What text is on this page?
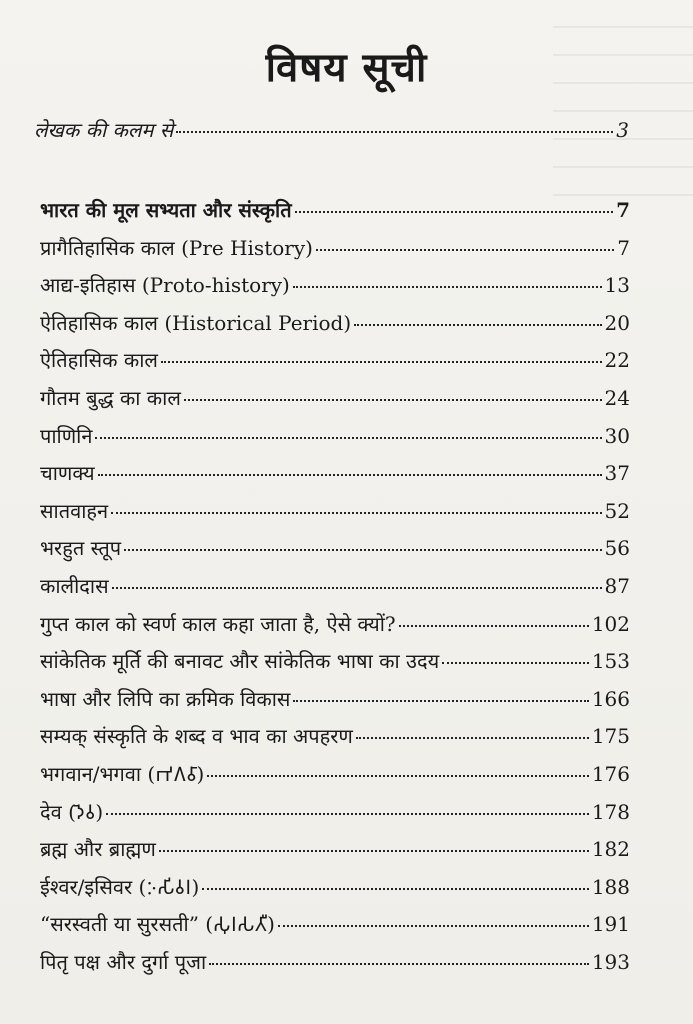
विषय सूची
लेखक की कलम से	3
भारत की मूल सभ्यता और संस्कृति	7
प्रागैतिहासिक काल (Pre History)	7
आद्य-इतिहास (Proto-history)	13
ऐतिहासिक काल (Historical Period)	20
ऐतिहासिक काल	22
गौतम बुद्ध का काल	24
पाणिनि	30
चाणक्य	37
सातवाहन	52
भरहुत स्तूप	56
कालीदास	87
गुप्त काल को स्वर्ण काल कहा जाता है, ऐसे क्यों?	102
सांकेतिक मूर्ति की बनावट और सांकेतिक भाषा का उदय	153
भाषा और लिपि का क्रमिक विकास	166
सम्यक् संस्कृति के शब्द व भाव का अपहरण	175
भगवान/भगवा (𑀪𑀕𑀯𑀸)	176
देव (𑀤𑁂𑀯)	178
ब्रह्म और ब्राह्मण	182
ईश्वर/इसिवर (𑀇𑀲𑀺𑀯𑀭)	188
“सरस्वती या सुरसती” (𑀲𑀼𑀭𑀲𑀢𑀻)	191
पितृ पक्ष और दुर्गा पूजा	193
